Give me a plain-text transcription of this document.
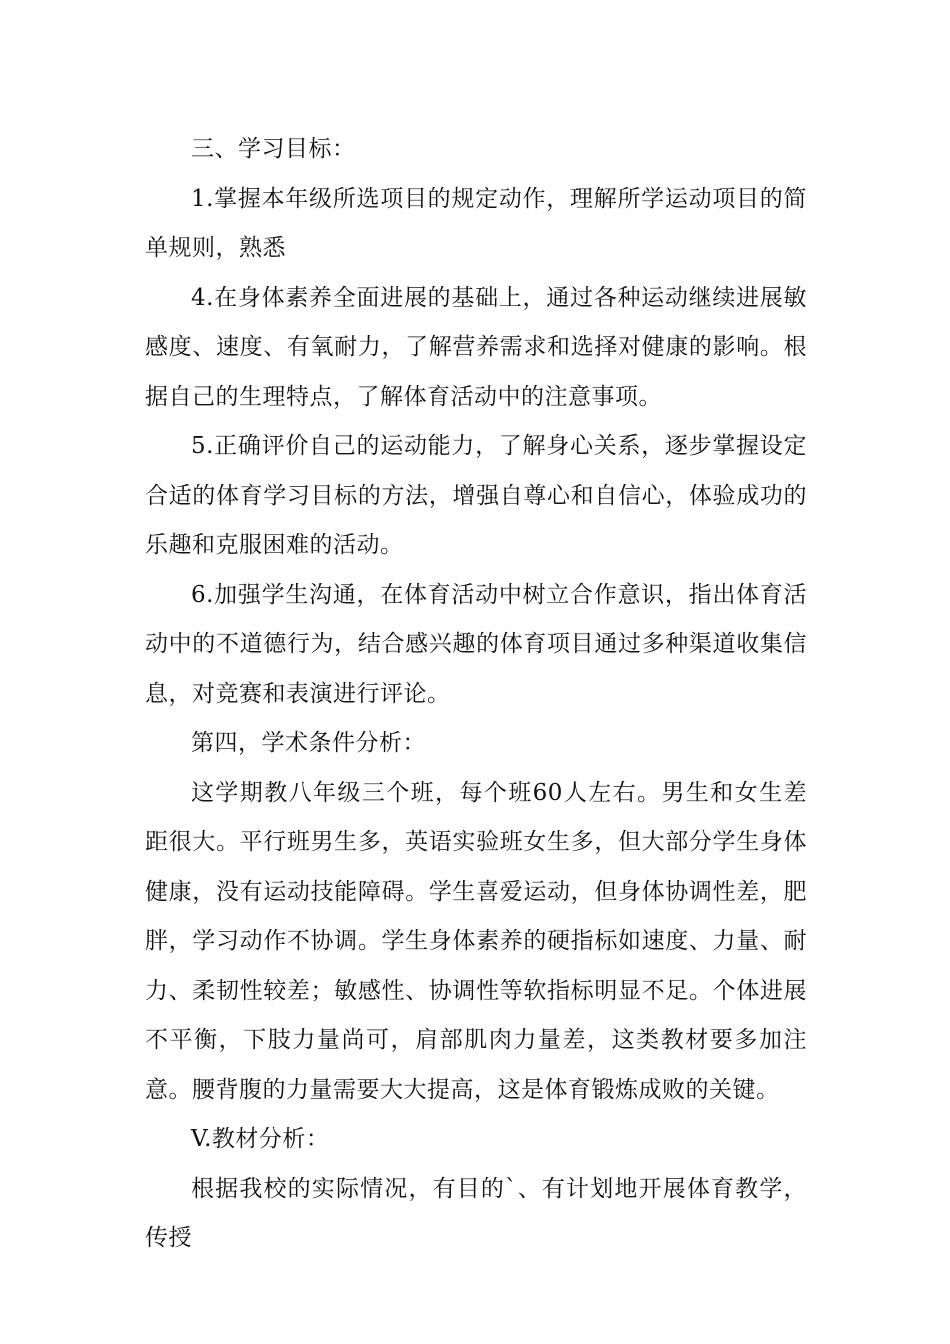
三、学习目标：

1.掌握本年级所选项目的规定动作，理解所学运动项目的简单规则，熟悉

4.在身体素养全面进展的基础上，通过各种运动继续进展敏感度、速度、有氧耐力，了解营养需求和选择对健康的影响。根据自己的生理特点，了解体育活动中的注意事项。

5.正确评价自己的运动能力，了解身心关系，逐步掌握设定合适的体育学习目标的方法，增强自尊心和自信心，体验成功的乐趣和克服困难的活动。

6.加强学生沟通，在体育活动中树立合作意识，指出体育活动中的不道德行为，结合感兴趣的体育项目通过多种渠道收集信息，对竞赛和表演进行评论。

第四，学术条件分析：

这学期教八年级三个班，每个班60人左右。男生和女生差距很大。平行班男生多，英语实验班女生多，但大部分学生身体健康，没有运动技能障碍。学生喜爱运动，但身体协调性差，肥胖，学习动作不协调。学生身体素养的硬指标如速度、力量、耐力、柔韧性较差；敏感性、协调性等软指标明显不足。个体进展不平衡，下肢力量尚可，肩部肌肉力量差，这类教材要多加注意。腰背腹的力量需要大大提高，这是体育锻炼成败的关键。

V.教材分析：

根据我校的实际情况，有目的`、有计划地开展体育教学，传授
